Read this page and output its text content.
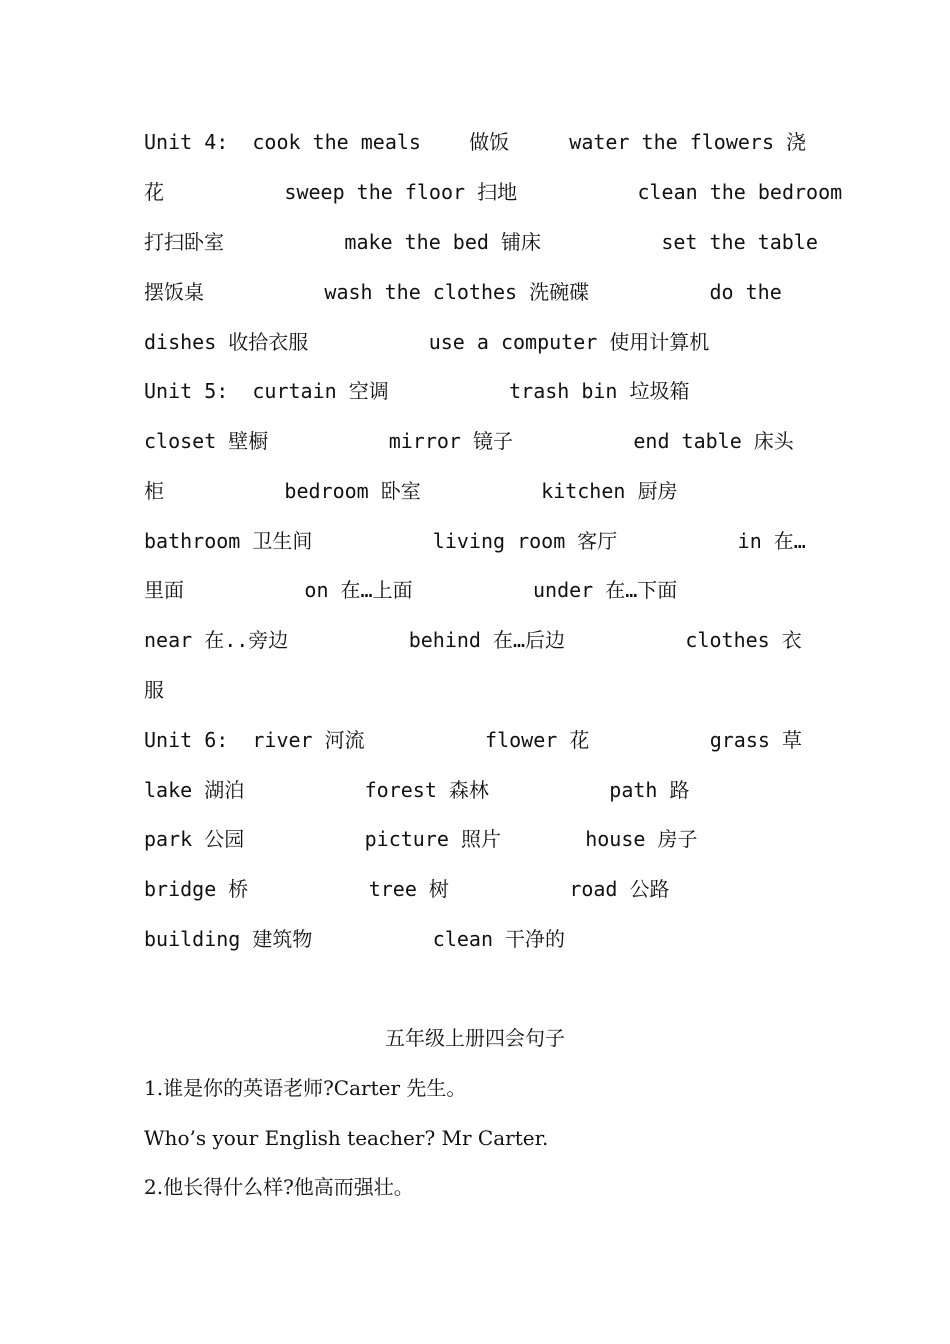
Unit 4:  cook the meals    做饭     water the flowers 浇
花          sweep the floor 扫地          clean the bedroom
打扫卧室          make the bed 铺床          set the table
摆饭桌          wash the clothes 洗碗碟          do the
dishes 收拾衣服          use a computer 使用计算机
Unit 5:  curtain 空调          trash bin 垃圾箱
closet 壁橱          mirror 镜子          end table 床头
柜          bedroom 卧室          kitchen 厨房
bathroom 卫生间          living room 客厅          in 在…
里面          on 在…上面          under 在…下面
near 在..旁边          behind 在…后边          clothes 衣
服
Unit 6:  river 河流          flower 花          grass 草
lake 湖泊          forest 森林          path 路
park 公园          picture 照片       house 房子
bridge 桥          tree 树          road 公路
building 建筑物          clean 干净的
五年级上册四会句子
1.谁是你的英语老师?Carter 先生。
Who’s your English teacher? Mr Carter.
2.他长得什么样?他高而强壮。
